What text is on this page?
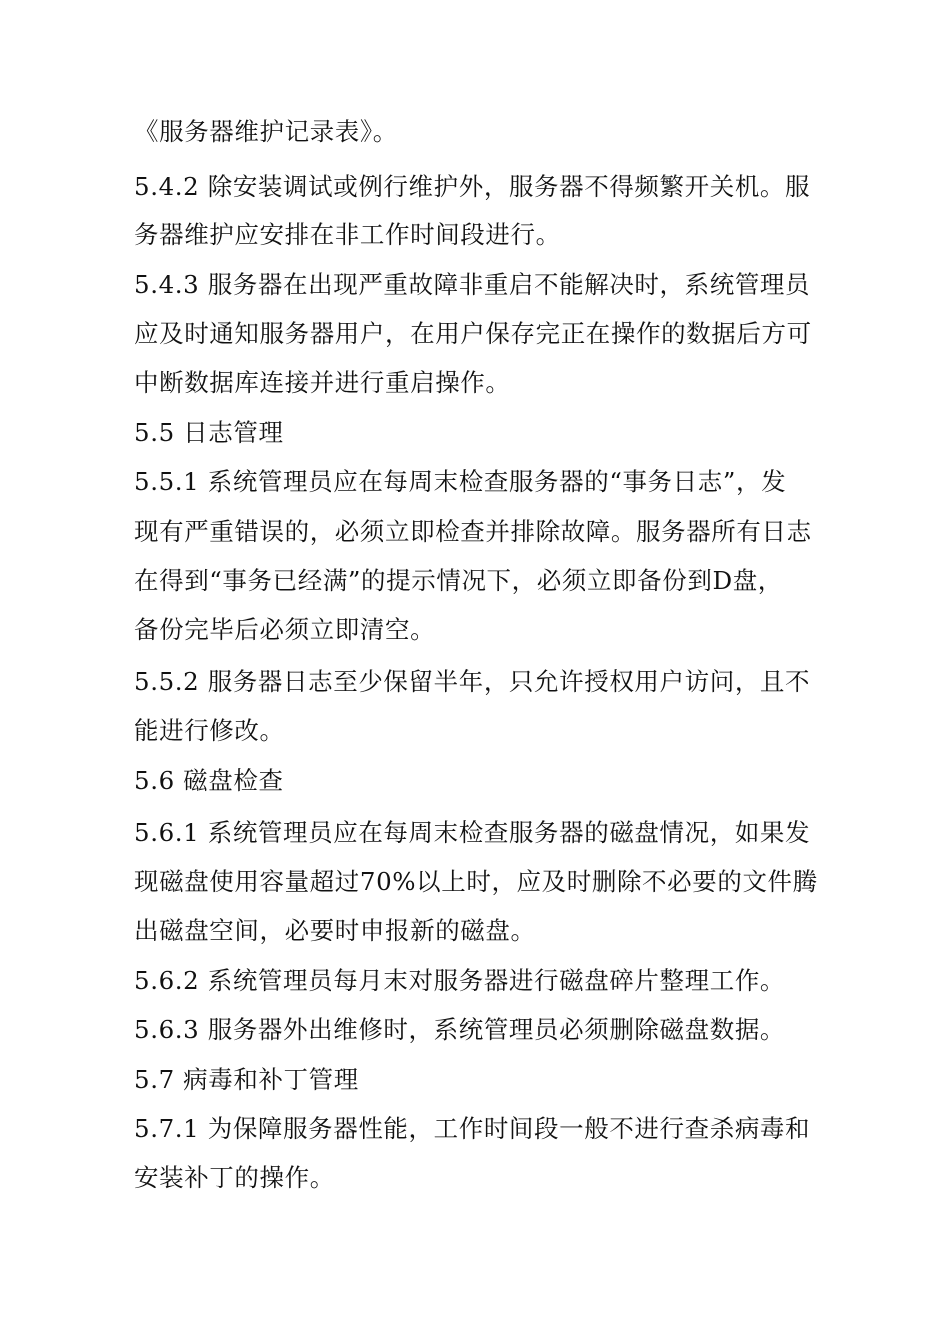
《服务器维护记录表》。
5.4.2 除安装调试或例行维护外，服务器不得频繁开关机。服
务器维护应安排在非工作时间段进行。
5.4.3 服务器在出现严重故障非重启不能解决时，系统管理员
应及时通知服务器用户，在用户保存完正在操作的数据后方可
中断数据库连接并进行重启操作。
5.5 日志管理
5.5.1 系统管理员应在每周末检查服务器的“事务日志”，发
现有严重错误的，必须立即检查并排除故障。服务器所有日志
在得到“事务已经满”的提示情况下，必须立即备份到D盘，
备份完毕后必须立即清空。
5.5.2 服务器日志至少保留半年，只允许授权用户访问，且不
能进行修改。
5.6 磁盘检查
5.6.1 系统管理员应在每周末检查服务器的磁盘情况，如果发
现磁盘使用容量超过70%以上时，应及时删除不必要的文件腾
出磁盘空间，必要时申报新的磁盘。
5.6.2 系统管理员每月末对服务器进行磁盘碎片整理工作。
5.6.3 服务器外出维修时，系统管理员必须删除磁盘数据。
5.7 病毒和补丁管理
5.7.1 为保障服务器性能，工作时间段一般不进行查杀病毒和
安装补丁的操作。
